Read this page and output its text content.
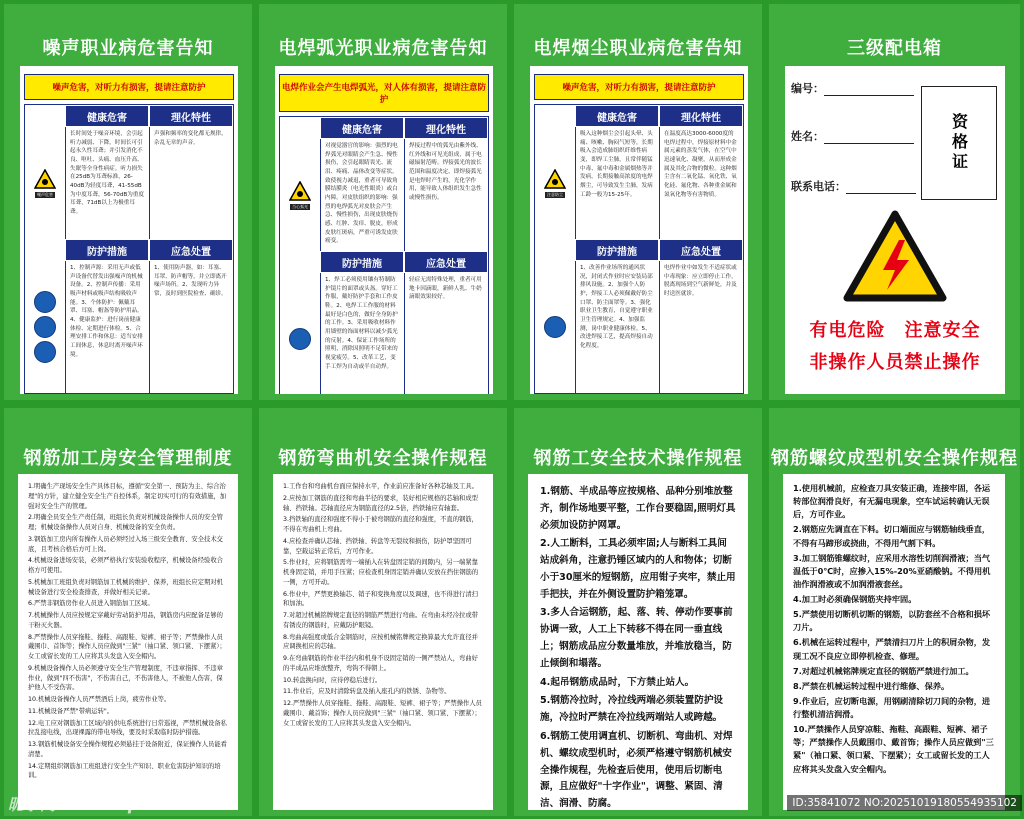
噪声职业病危害告知
噪声危害，对听力有损害，提请注意防护
健康危害	理化特性
噪声危害
长时间处于噪音环境，会引起听力减弱、下降，时间长可引起永久性耳聋；并引发消化不良、呕吐、头痛、血压升高、失眠等全身性病症。听力损失在25dB为耳聋标准，26-40dB为轻度耳聋，41-55dB为中度耳聋，56-70dB为重度耳聋，71dB以上为极重耳聋。
声强和频率的变化都无规律，杂乱无章的声音。
防护措施	应急处置
1、控制声源：采用无声或低声设备代替发出强噪声的机械设备。2、控制声传播：采用吸声材料或吸声结构吸收声能。3、个体防护：佩戴耳罩、耳塞、帽盔等防护用品。4、健康监护：进行岗前健康体检、定期进行体检。5、合理安排工作和休息：适当安排工间休息，休息时离开噪声环境。
1、使用防声器，如：耳塞、耳罩、防声帽等，并立即离开噪声场所。2、发现听力异常，及时到医院检查、确诊。
电焊弧光职业病危害告知
电焊作业会产生电焊弧光，对人体有损害，提请注意防护
健康危害	理化特性
当心弧光
对视觉器官的影响：强烈的电焊弧光对眼睛会产生急、慢性损伤，会引起眼睛畏光、流泪、疼痛、晶体改变等症状，致使视力减退，重者可导致角膜结膜炎（电光性眼炎）或白内障。对皮肤组织的影响：强烈的电焊弧光对皮肤会产生急、慢性损伤，出现皮肤烧伤感、红肿、发痒、脱皮，形成皮肤红斑病，严重可诱发皮肤癌变。
焊接过程中的弧光由紫外线、红外线和可见光组成，属于电磁辐射范畴。焊接弧光的波长范围和温度决定，即焊接弧光是电焊时产生的，光化学作用，能导致人体组织发生急性或慢性损伤。
防护措施	应急处置
1、焊工必须使用镶有特制防护镜片的面罩或头盔。穿好工作服，戴好防护手套和工作皮鞋。2、电焊工工作服的材料最好是白色的，做好全身防护的工作。3、采用吸收材料作用墙壁的饰面材料以减少弧光的反射。4、保证工作场所的照明，消除因照明不足带来的视觉疲劳。5、改革工艺，变手工焊为自动或半自动焊。
轻症无需特殊处理，重者可用地卡因滴眼，新鲜人乳、牛奶滴眼效果较好。
电焊烟尘职业病危害告知
噪声危害，对听力有损害，提请注意防护
健康危害	理化特性
注意防尘
吸入这种烟尘会引起头晕、头痛、咳嗽、胸闷气短等，长期吸入会造成肺组织纤维性病变，即焊工尘肺，且常伴随锰中毒、氟中毒和金属烟热等并发病。长期接触高浓度的电焊烟尘，可导致发生尘肺，发病工龄一般为15-25年。
在温度高达3000-6000度的电焊过程中，焊接原材料中金属元素的蒸发气体，在空气中迅速氧化、凝聚，从而形成金属及其化合物的微粒。这种烟尘含有二氧化锰、氧化铁、氧化硅、氟化物、各种重金属和氮氧化物等有害物质。
防护措施	应急处置
1、改善作业场所的通风状况，封闭式作业时应安装局部排风设施。2、加强个人防护，焊接工人必须佩戴好防尘口罩、防尘面罩等。3、强化职业卫生教育，自觉遵守职业卫生管理规定。4、加强监测，岗中职业健康体检。5、改进焊接工艺，提高焊接自动化程度。
电焊作业中如发生不适症状或中毒现象：应立即停止工作，脱离现场到空气新鲜处，并及时送医就诊。
三级配电箱
编号：
姓名：
联系电话：
资格证
有电危险　注意安全
非操作人员禁止操作
钢筋加工房安全管理制度

1.明确生产现场安全生产具体目标，遵循"安全第一、预防为主、综合治理"的方针，建立健全安全生产自控体系，制定切实可行的有效措施，加强对安全生产的管理。

2.明确全员安全生产责任制，班组长负责对机械设备操作人员的安全管理；机械设备操作人员对自身、机械设备的安全负责。

3.钢筋加工房内所有操作人员必须经过入场三级安全教育、安全技术交底，且考核合格后方可上岗。

4.机械设备进场安装，必须严格执行安装验收程序，机械设备经验收合格方可使用。

5.机械加工班组负责对钢筋加工机械的维护、保养，班组长应定期对机械设备进行安全检查排查，并做好相关记录。

6.严禁非钢筋房作业人员进入钢筋加工区域。

7.机械操作人员应按规定穿戴好劳动防护用品，钢筋房内应配备足够的干粉灭火器。

8.严禁操作人员穿拖鞋、拖鞋、高跟鞋、短裤、裙子等；严禁操作人员戴围巾、首饰等；操作人员应做到"三紧"（袖口紧、领口紧、下摆紧）；女工或留长发的工人应将其头发盘入安全帽内。

9.机械设备操作人员必须遵守安全生产管理制度，不违章指挥、不违章作业，做到"四不伤害"，不伤害自己，不伤害他人，不被他人伤害，保护他人不受伤害。

10.机械设备操作人员严禁酒后上岗，疲劳作业等。

11.机械设备严禁"带病运转"。

12.电工应对钢筋加工区域内的供电系统进行日常巡视，严禁机械设备私拉乱接电线，出现裸露的带电导线，要及时采取临时防护措施。

13.钢筋机械设备安全操作规程必须悬挂于设备附近，保证操作人员能看清楚。

14.定期组织钢筋加工班组进行安全生产知识、职业危害防护知识的培训。

钢筋弯曲机安全操作规程

1.工作台和弯曲机台面应保持水平，作业前应准备好各种芯轴及工具。

2.应按加工钢筋的直径和弯曲半径的要求，装好相应规格的芯轴和成型轴、挡铁轴。芯轴直径应为钢筋直径的2.5倍，挡铁轴应有轴套。

3.挡铁轴的直径和强度不得小于被弯钢筋的直径和强度，不直的钢筋，不得在弯曲机上弯曲。

4.应检查并确认芯轴、挡铁轴、转盘等无裂纹和损伤，防护罩坚固可靠，空载运转正常后，方可作业。

5.作业时，应将钢筋需弯一端插入在转盘固定销的间隙内，另一端紧靠机身固定销，并用手压紧；应检查机身固定销并确认安放在挡住钢筋的一侧，方可开动。

6.作业中，严禁更换轴芯、销子和变换角度以及调速，也不得进行清扫和加油。

7.对超过机械铭牌规定直径的钢筋严禁进行弯曲。在弯曲未经冷拉或带有锈皮的钢筋时，应戴防护眼镜。

8.弯曲高强度或低合金钢筋时，应按机械铭牌规定换算最大允许直径并应调换相应的芯轴。

9.在弯曲钢筋的作业半径内和机身不设固定销的一侧严禁站人，弯曲好的半成品应堆放整齐，弯钩不得朝上。

10.转盘换向时，应待停稳后进行。

11.作业后，应及时清除转盘及插入座孔内的铁锈、杂物等。

12.严禁操作人员穿拖鞋、拖鞋、高跟鞋、短裤、裙子等；严禁操作人员戴围巾、戴首饰；操作人员应做到"三紧"（袖口紧、领口紧、下摆紧）；女工或留长发的工人应将其头发盘入安全帽内。

钢筋工安全技术操作规程

1.钢筋、半成品等应按规格、品种分别堆放整齐，制作场地要平整，工作台要稳固,照明灯具必须加设防护网罩。

2.人工断料，工具必须牢固;人与断料工具间站成斜角，注意扔锤区域内的人和物体；切断小于30厘米的短钢筋，应用钳子夹牢，禁止用手把扶，并在外侧设置防护箱笼罩。

3.多人合运钢筋，起、落、转、停动作要事前协调一致，人工上下转移不得在同一垂直线上；钢筋成品应分数量堆放，并堆放稳当，防止倾倒和塌落。

4.起吊钢筋成品时，下方禁止站人。

5.钢筋冷拉时，冷拉线两端必须装置防护设施，冷拉时严禁在冷拉线两端站人或跨越。

6.钢筋工使用调直机、切断机、弯曲机、对焊机、螺纹成型机时，必须严格遵守钢筋机械安全操作规程，先检查后使用，使用后切断电源，且应做好"十字作业"，调整、紧固、清洁、润滑、防腐。

钢筋螺纹成型机安全操作规程

1.使用机械前，应检查刀具安装正确，连接牢固，各运转部位润滑良好，有无漏电现象，空车试运转确认无误后，方可作业。

2.钢筋应先调直在下料。切口端面应与钢筋轴线垂直，不得有马蹄形或挠曲，不得用气割下料。

3.加工钢筋锥螺纹时，应采用水溶性切削润滑液；当气温低于0℃时，应掺入15%-20%亚硝酸钠。不得用机油作润滑液或不加润滑液套丝。

4.加工时必须确保钢筋夹持牢固。

5.严禁使用切断机切断的钢筋，以防套丝不合格和损坏刀片。

6.机械在运转过程中，严禁清扫刀片上的积屑杂物，发现工况不良应立即停机检查、修理。

7.对超过机械铭牌规定直径的钢筋严禁进行加工。

8.严禁在机械运转过程中进行维修、保养。

9.作业后，应切断电源，用钢刷清除切刀间的杂物，进行整机清洁润滑。

10.严禁操作人员穿凉鞋、拖鞋、高跟鞋、短裤、裙子等；严禁操作人员戴围巾、戴首饰；操作人员应做到"三紧"（袖口紧、领口紧、下摆紧）；女工或留长发的工人应将其头发盘入安全帽内。

昵享网 www.nipic.cn	ID:35841072 NO:20251019180554935102
